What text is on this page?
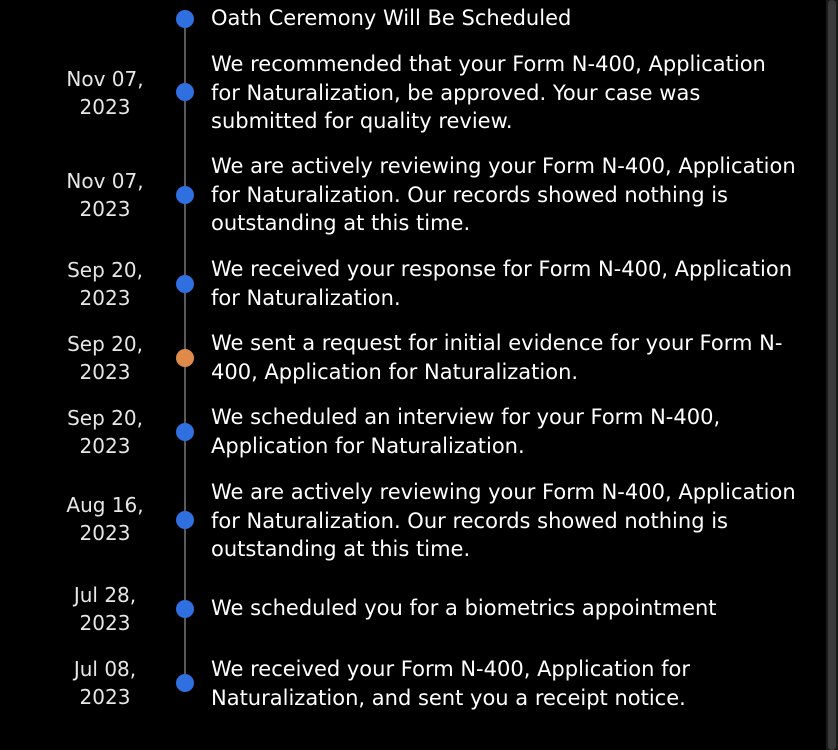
Oath Ceremony Will Be Scheduled
Nov 07,
2023
We recommended that your Form N-400, Application for Naturalization, be approved. Your case was submitted for quality review.
Nov 07,
2023
We are actively reviewing your Form N-400, Application for Naturalization. Our records showed nothing is outstanding at this time.
Sep 20,
2023
We received your response for Form N-400, Application for Naturalization.
Sep 20,
2023
We sent a request for initial evidence for your Form N-400, Application for Naturalization.
Sep 20,
2023
We scheduled an interview for your Form N-400, Application for Naturalization.
Aug 16,
2023
We are actively reviewing your Form N-400, Application for Naturalization. Our records showed nothing is outstanding at this time.
Jul 28,
2023
We scheduled you for a biometrics appointment
Jul 08,
2023
We received your Form N-400, Application for Naturalization, and sent you a receipt notice.
